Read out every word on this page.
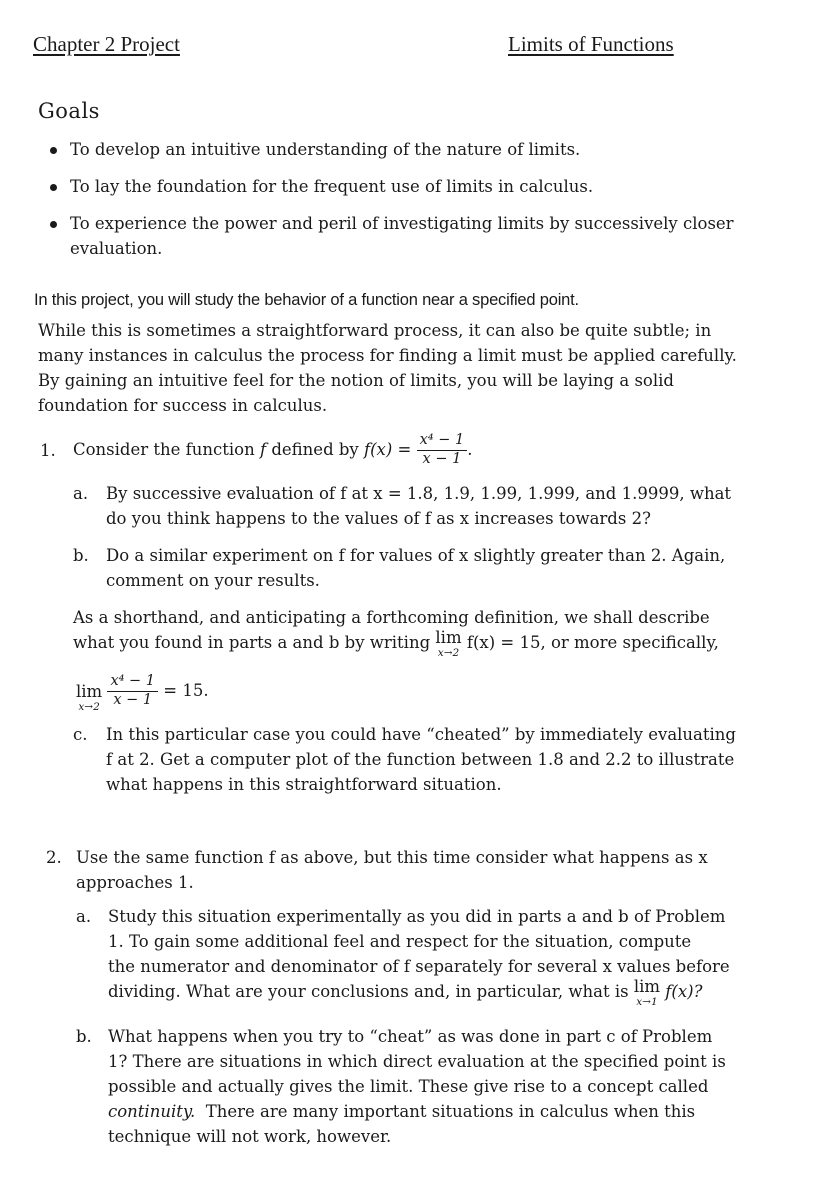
Chapter 2 Project	Limits of Functions
Goals
To develop an intuitive understanding of the nature of limits.
To lay the foundation for the frequent use of limits in calculus.
To experience the power and peril of investigating limits by successively closer
evaluation.
In this project, you will study the behavior of a function near a specified point.
While this is sometimes a straightforward process, it can also be quite subtle; in
many instances in calculus the process for finding a limit must be applied carefully.
By gaining an intuitive feel for the notion of limits, you will be laying a solid
foundation for success in calculus.
1. Consider the function
f
defined by
f(x) =
$\frac{\text{x⁴ − 1}}{x - 1}$ .
a. By successive evaluation of f at x = 1.8, 1.9, 1.99, 1.999, and 1.9999, what
do you think happens to the values of f as x increases towards 2?
b. Do a similar experiment on f for values of x slightly greater than 2. Again,
comment on your results.
As a shorthand, and anticipating a forthcoming definition, we shall describe
what you found in parts a and b by writing
lim
x→2

f(x) = 15, or more specifically,
lim
x→2
$\frac{\text{x⁴ − 1}}{x - 1}$
= 15.
c. In this particular case you could have “cheated” by immediately evaluating
f at 2. Get a computer plot of the function between 1.8 and 2.2 to illustrate
what happens in this straightforward situation.
2. Use the same function f as above, but this time consider what happens as x
approaches 1.
a. Study this situation experimentally as you did in parts a and b of Problem
1. To gain some additional feel and respect for the situation, compute
the numerator and denominator of f separately for several x values before
dividing. What are your conclusions and, in particular, what is
lim
x→1

f(x)?
b. What happens when you try to “cheat” as was done in part c of Problem
1? There are situations in which direct evaluation at the specified point is
possible and actually gives the limit. These give rise to a concept called
continuity. There are many important situations in calculus when this
technique will not work, however.
